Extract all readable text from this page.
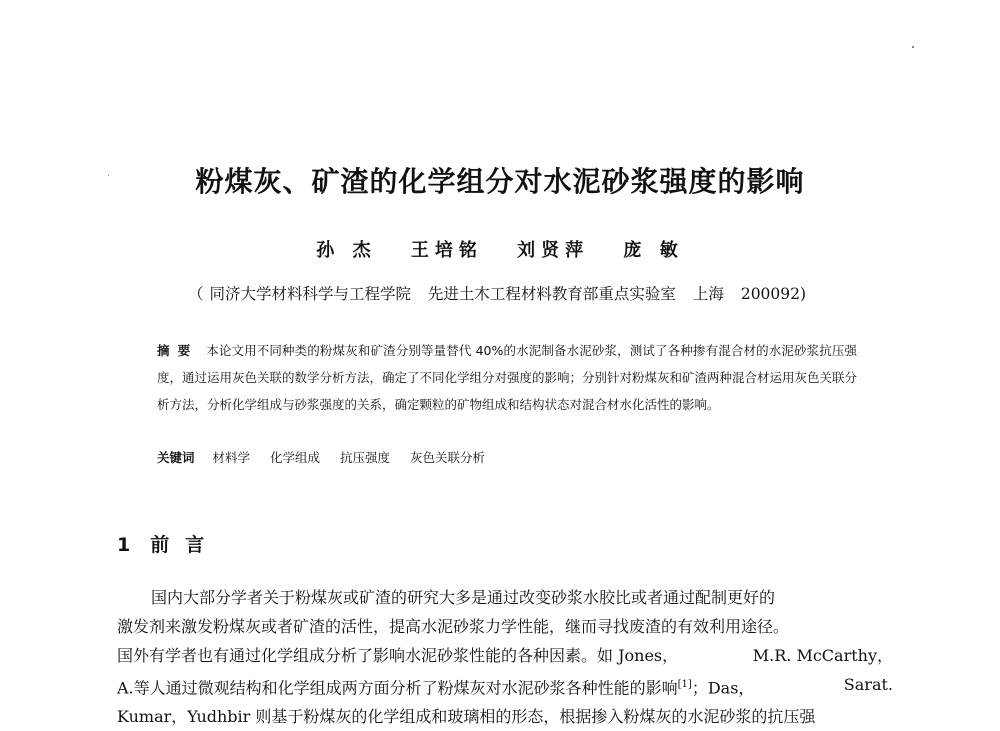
粉煤灰、矿渣的化学组分对水泥砂浆强度的影响
孙 杰 王培铭 刘贤萍 庞 敏
（ 同济大学材料科学与工程学院 先进土木工程材料教育部重点实验室 上海 200092)
摘要 本论文用不同种类的粉煤灰和矿渣分别等量替代 40%的水泥制备水泥砂浆，测试了各种掺有混合材的水泥砂浆抗压强度，通过运用灰色关联的数学分析方法，确定了不同化学组分对强度的影响；分别针对粉煤灰和矿渣两种混合材运用灰色关联分析方法，分析化学组成与砂浆强度的关系，确定颗粒的矿物组成和结构状态对混合材水化活性的影响。
关键词 材料学 化学组成 抗压强度 灰色关联分析
1 前言
国内大部分学者关于粉煤灰或矿渣的研究大多是通过改变砂浆水胶比或者通过配制更好的
激发剂来激发粉煤灰或者矿渣的活性，提高水泥砂浆力学性能，继而寻找废渣的有效利用途径。
国外有学者也有通过化学组成分析了影响水泥砂浆性能的各种因素。如 Jones，	M.R. McCarthy，
A.等人通过微观结构和化学组成两方面分析了粉煤灰对水泥砂浆各种性能的影响[1]；Das，	Sarat.
Kumar，Yudhbir 则基于粉煤灰的化学组成和玻璃相的形态，根据掺入粉煤灰的水泥砂浆的抗压强
